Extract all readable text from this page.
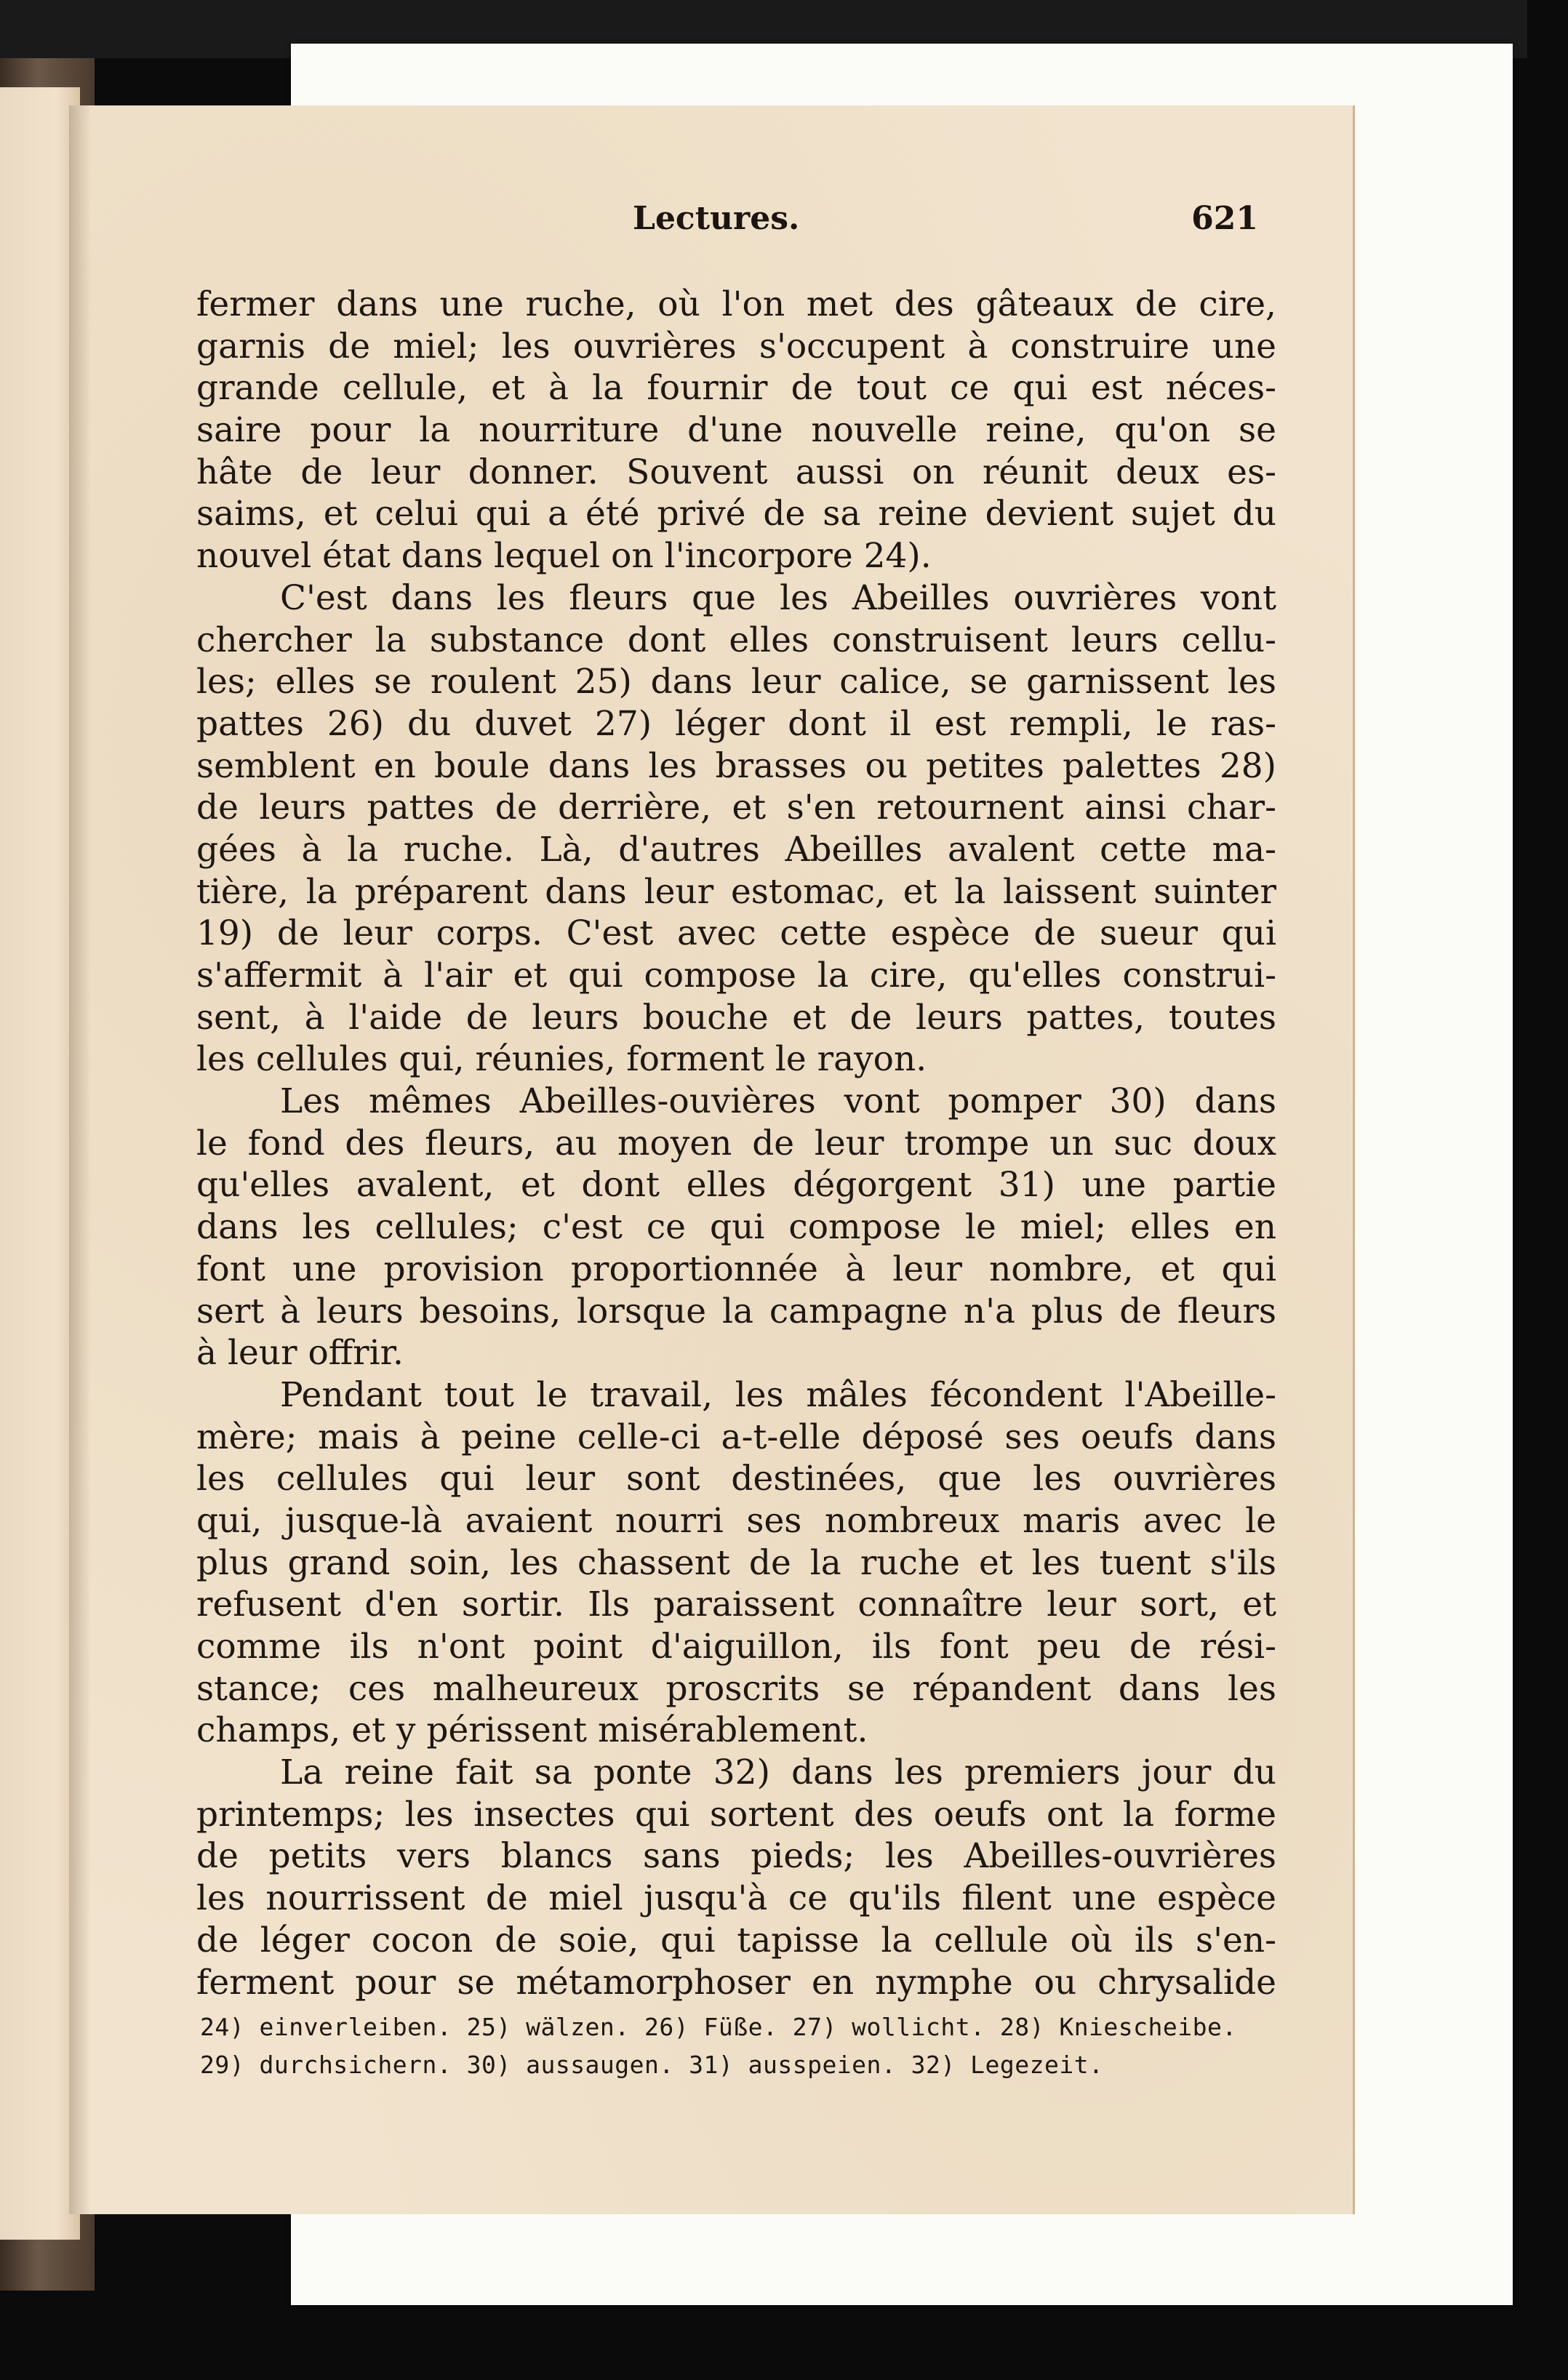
Lectures.	621
fermer dans une ruche, où l'on met des gâteaux de cire,
garnis de miel; les ouvrières s'occupent à construire une
grande cellule, et à la fournir de tout ce qui est néces-
saire pour la nourriture d'une nouvelle reine, qu'on se
hâte de leur donner. Souvent aussi on réunit deux es-
saims, et celui qui a été privé de sa reine devient sujet du
nouvel état dans lequel on l'incorpore 24).
C'est dans les fleurs que les Abeilles ouvrières vont
chercher la substance dont elles construisent leurs cellu-
les; elles se roulent 25) dans leur calice, se garnissent les
pattes 26) du duvet 27) léger dont il est rempli, le ras-
semblent en boule dans les brasses ou petites palettes 28)
de leurs pattes de derrière, et s'en retournent ainsi char-
gées à la ruche. Là, d'autres Abeilles avalent cette ma-
tière, la préparent dans leur estomac, et la laissent suinter
19) de leur corps. C'est avec cette espèce de sueur qui
s'affermit à l'air et qui compose la cire, qu'elles construi-
sent, à l'aide de leurs bouche et de leurs pattes, toutes
les cellules qui, réunies, forment le rayon.
Les mêmes Abeilles-ouvières vont pomper 30) dans
le fond des fleurs, au moyen de leur trompe un suc doux
qu'elles avalent, et dont elles dégorgent 31) une partie
dans les cellules; c'est ce qui compose le miel; elles en
font une provision proportionnée à leur nombre, et qui
sert à leurs besoins, lorsque la campagne n'a plus de fleurs
à leur offrir.
Pendant tout le travail, les mâles fécondent l'Abeille-
mère; mais à peine celle-ci a-t-elle déposé ses oeufs dans
les cellules qui leur sont destinées, que les ouvrières
qui, jusque-là avaient nourri ses nombreux maris avec le
plus grand soin, les chassent de la ruche et les tuent s'ils
refusent d'en sortir. Ils paraissent connaître leur sort, et
comme ils n'ont point d'aiguillon, ils font peu de rési-
stance; ces malheureux proscrits se répandent dans les
champs, et y périssent misérablement.
La reine fait sa ponte 32) dans les premiers jour du
printemps; les insectes qui sortent des oeufs ont la forme
de petits vers blancs sans pieds; les Abeilles-ouvrières
les nourrissent de miel jusqu'à ce qu'ils filent une espèce
de léger cocon de soie, qui tapisse la cellule où ils s'en-
ferment pour se métamorphoser en nymphe ou chrysalide
24) einverleiben. 25) wälzen. 26) Füße. 27) wollicht. 28) Kniescheibe.
29) durchsichern. 30) aussaugen. 31) ausspeien. 32) Legezeit.
